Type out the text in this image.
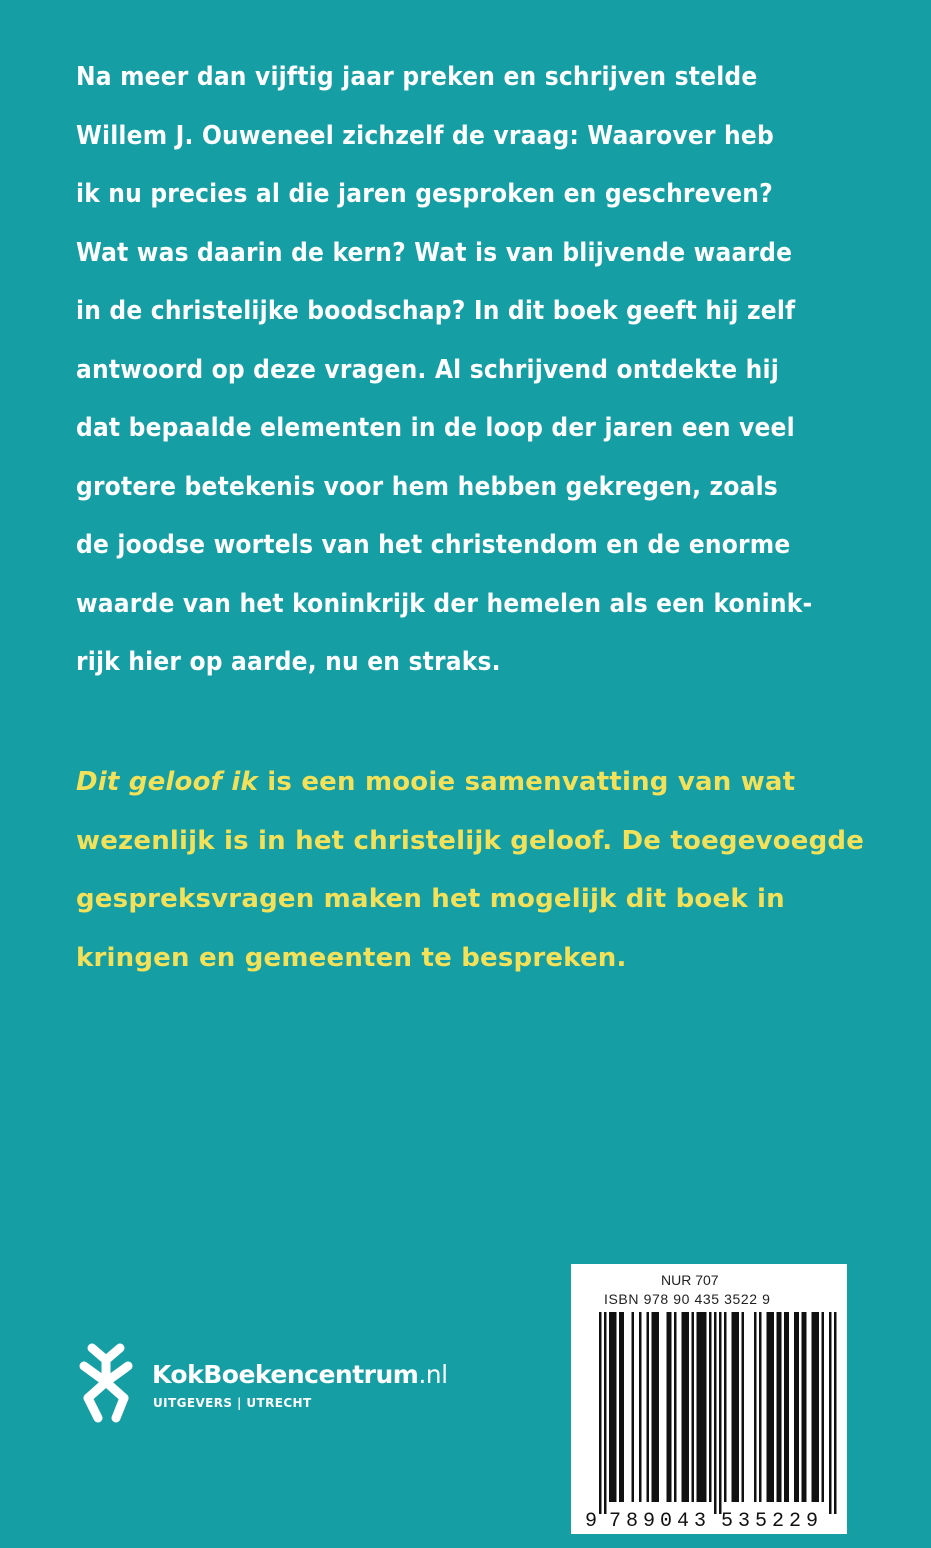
Na meer dan vijftig jaar preken en schrijven stelde
Willem J. Ouweneel zichzelf de vraag: Waarover heb
ik nu precies al die jaren gesproken en geschreven?
Wat was daarin de kern? Wat is van blijvende waarde
in de christelijke boodschap? In dit boek geeft hij zelf
antwoord op deze vragen. Al schrijvend ontdekte hij
dat bepaalde elementen in de loop der jaren een veel
grotere betekenis voor hem hebben gekregen, zoals
de joodse wortels van het christendom en de enorme
waarde van het koninkrijk der hemelen als een konink-
rijk hier op aarde, nu en straks.

Dit geloof ik is een mooie samenvatting van wat
wezenlijk is in het christelijk geloof. De toegevoegde
gespreksvragen maken het mogelijk dit boek in
kringen en gemeenten te bespreken.

KokBoekencentrum.nl
UITGEVERS | UTRECHT
NUR 707
ISBN 978 90 435 3522 9
9 789043 535229
